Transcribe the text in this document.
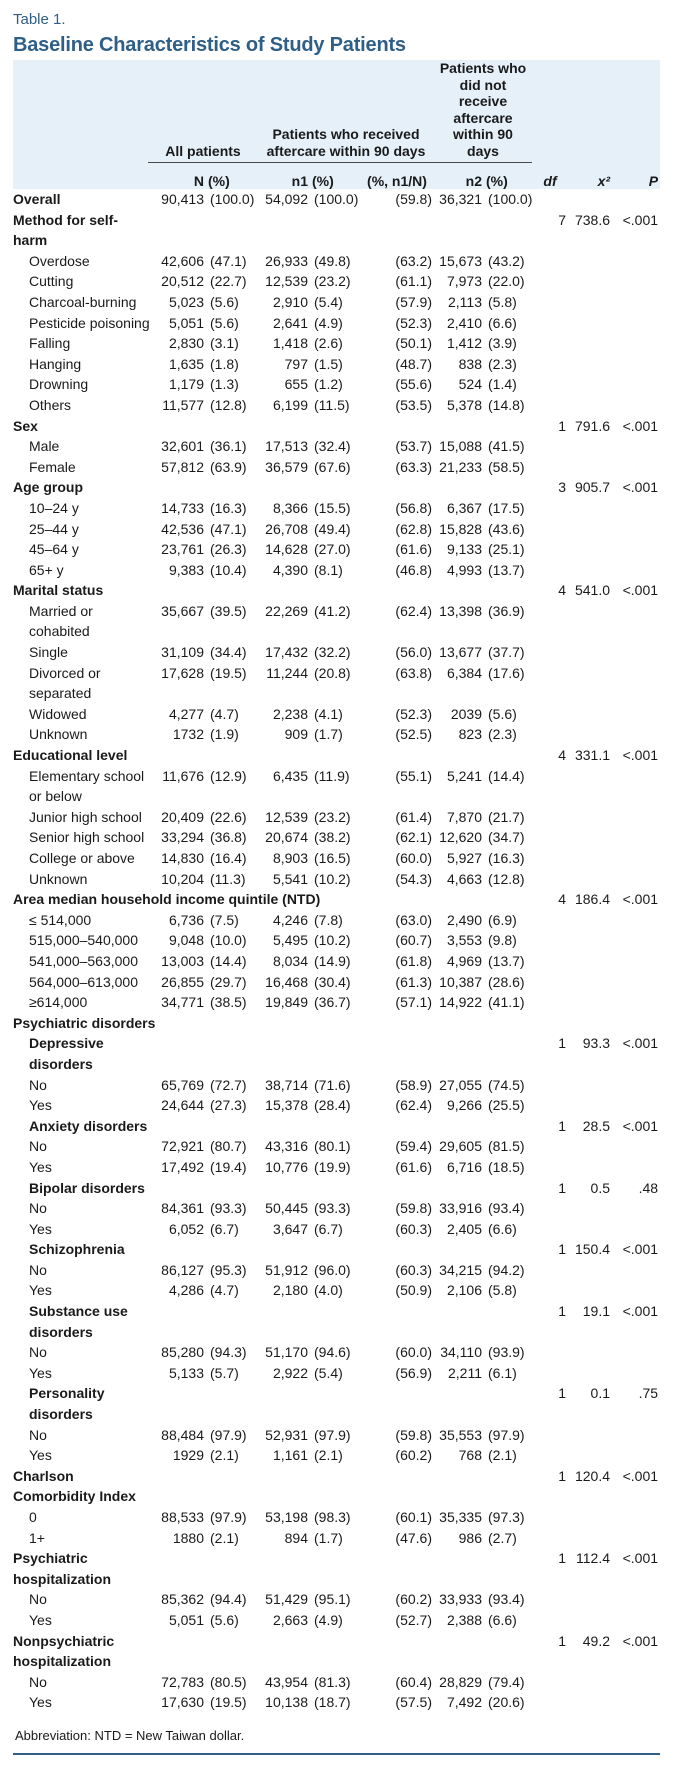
Table 1.
Baseline Characteristics of Study Patients
	All patients		Patients who received aftercare within 90 days			Patients who did not receive aftercare within 90 days				
	N	(%)	n1	(%)	(%, n1/N)	n2	(%)	df	x²	P
Overall	90,413	(100.0)	54,092	(100.0)	(59.8)	36,321	(100.0)			
Method for self-								7	738.6	<.001
harm										
Overdose	42,606	(47.1)	26,933	(49.8)	(63.2)	15,673	(43.2)			
Cutting	20,512	(22.7)	12,539	(23.2)	(61.1)	7,973	(22.0)			
Charcoal-burning	5,023	(5.6)	2,910	(5.4)	(57.9)	2,113	(5.8)			
Pesticide poisoning	5,051	(5.6)	2,641	(4.9)	(52.3)	2,410	(6.6)			
Falling	2,830	(3.1)	1,418	(2.6)	(50.1)	1,412	(3.9)			
Hanging	1,635	(1.8)	797	(1.5)	(48.7)	838	(2.3)			
Drowning	1,179	(1.3)	655	(1.2)	(55.6)	524	(1.4)			
Others	11,577	(12.8)	6,199	(11.5)	(53.5)	5,378	(14.8)			
Sex								1	791.6	<.001
Male	32,601	(36.1)	17,513	(32.4)	(53.7)	15,088	(41.5)			
Female	57,812	(63.9)	36,579	(67.6)	(63.3)	21,233	(58.5)			
Age group								3	905.7	<.001
10–24 y	14,733	(16.3)	8,366	(15.5)	(56.8)	6,367	(17.5)			
25–44 y	42,536	(47.1)	26,708	(49.4)	(62.8)	15,828	(43.6)			
45–64 y	23,761	(26.3)	14,628	(27.0)	(61.6)	9,133	(25.1)			
65+ y	9,383	(10.4)	4,390	(8.1)	(46.8)	4,993	(13.7)			
Marital status								4	541.0	<.001
Married or	35,667	(39.5)	22,269	(41.2)	(62.4)	13,398	(36.9)			
cohabited										
Single	31,109	(34.4)	17,432	(32.2)	(56.0)	13,677	(37.7)			
Divorced or	17,628	(19.5)	11,244	(20.8)	(63.8)	6,384	(17.6)			
separated										
Widowed	4,277	(4.7)	2,238	(4.1)	(52.3)	2039	(5.6)			
Unknown	1732	(1.9)	909	(1.7)	(52.5)	823	(2.3)			
Educational level								4	331.1	<.001
Elementary school	11,676	(12.9)	6,435	(11.9)	(55.1)	5,241	(14.4)			
or below										
Junior high school	20,409	(22.6)	12,539	(23.2)	(61.4)	7,870	(21.7)			
Senior high school	33,294	(36.8)	20,674	(38.2)	(62.1)	12,620	(34.7)			
College or above	14,830	(16.4)	8,903	(16.5)	(60.0)	5,927	(16.3)			
Unknown	10,204	(11.3)	5,541	(10.2)	(54.3)	4,663	(12.8)			
Area median household income quintile (NTD)								4	186.4	<.001
≤ 514,000	6,736	(7.5)	4,246	(7.8)	(63.0)	2,490	(6.9)			
515,000–540,000	9,048	(10.0)	5,495	(10.2)	(60.7)	3,553	(9.8)			
541,000–563,000	13,003	(14.4)	8,034	(14.9)	(61.8)	4,969	(13.7)			
564,000–613,000	26,855	(29.7)	16,468	(30.4)	(61.3)	10,387	(28.6)			
≥614,000	34,771	(38.5)	19,849	(36.7)	(57.1)	14,922	(41.1)			
Psychiatric disorders										
Depressive								1	93.3	<.001
disorders										
No	65,769	(72.7)	38,714	(71.6)	(58.9)	27,055	(74.5)			
Yes	24,644	(27.3)	15,378	(28.4)	(62.4)	9,266	(25.5)			
Anxiety disorders								1	28.5	<.001
No	72,921	(80.7)	43,316	(80.1)	(59.4)	29,605	(81.5)			
Yes	17,492	(19.4)	10,776	(19.9)	(61.6)	6,716	(18.5)			
Bipolar disorders								1	0.5	.48
No	84,361	(93.3)	50,445	(93.3)	(59.8)	33,916	(93.4)			
Yes	6,052	(6.7)	3,647	(6.7)	(60.3)	2,405	(6.6)			
Schizophrenia								1	150.4	<.001
No	86,127	(95.3)	51,912	(96.0)	(60.3)	34,215	(94.2)			
Yes	4,286	(4.7)	2,180	(4.0)	(50.9)	2,106	(5.8)			
Substance use								1	19.1	<.001
disorders										
No	85,280	(94.3)	51,170	(94.6)	(60.0)	34,110	(93.9)			
Yes	5,133	(5.7)	2,922	(5.4)	(56.9)	2,211	(6.1)			
Personality								1	0.1	.75
disorders										
No	88,484	(97.9)	52,931	(97.9)	(59.8)	35,553	(97.9)			
Yes	1929	(2.1)	1,161	(2.1)	(60.2)	768	(2.1)			
Charlson								1	120.4	<.001
Comorbidity Index										
0	88,533	(97.9)	53,198	(98.3)	(60.1)	35,335	(97.3)			
1+	1880	(2.1)	894	(1.7)	(47.6)	986	(2.7)			
Psychiatric								1	112.4	<.001
hospitalization										
No	85,362	(94.4)	51,429	(95.1)	(60.2)	33,933	(93.4)			
Yes	5,051	(5.6)	2,663	(4.9)	(52.7)	2,388	(6.6)			
Nonpsychiatric								1	49.2	<.001
hospitalization										
No	72,783	(80.5)	43,954	(81.3)	(60.4)	28,829	(79.4)			
Yes	17,630	(19.5)	10,138	(18.7)	(57.5)	7,492	(20.6)			
Abbreviation: NTD = New Taiwan dollar.
